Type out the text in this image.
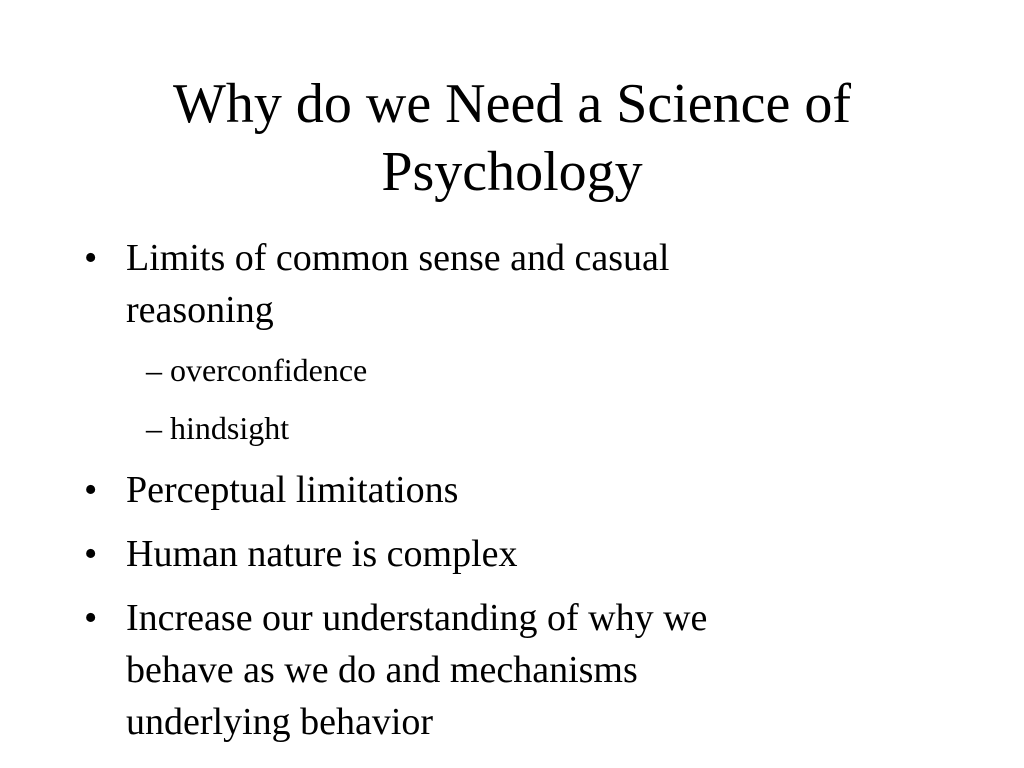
Why do we Need a Science of
Psychology
• Limits of common sense and casual
reasoning
– overconfidence
– hindsight
• Perceptual limitations
• Human nature is complex
• Increase our understanding of why we
behave as we do and mechanisms
underlying behavior
